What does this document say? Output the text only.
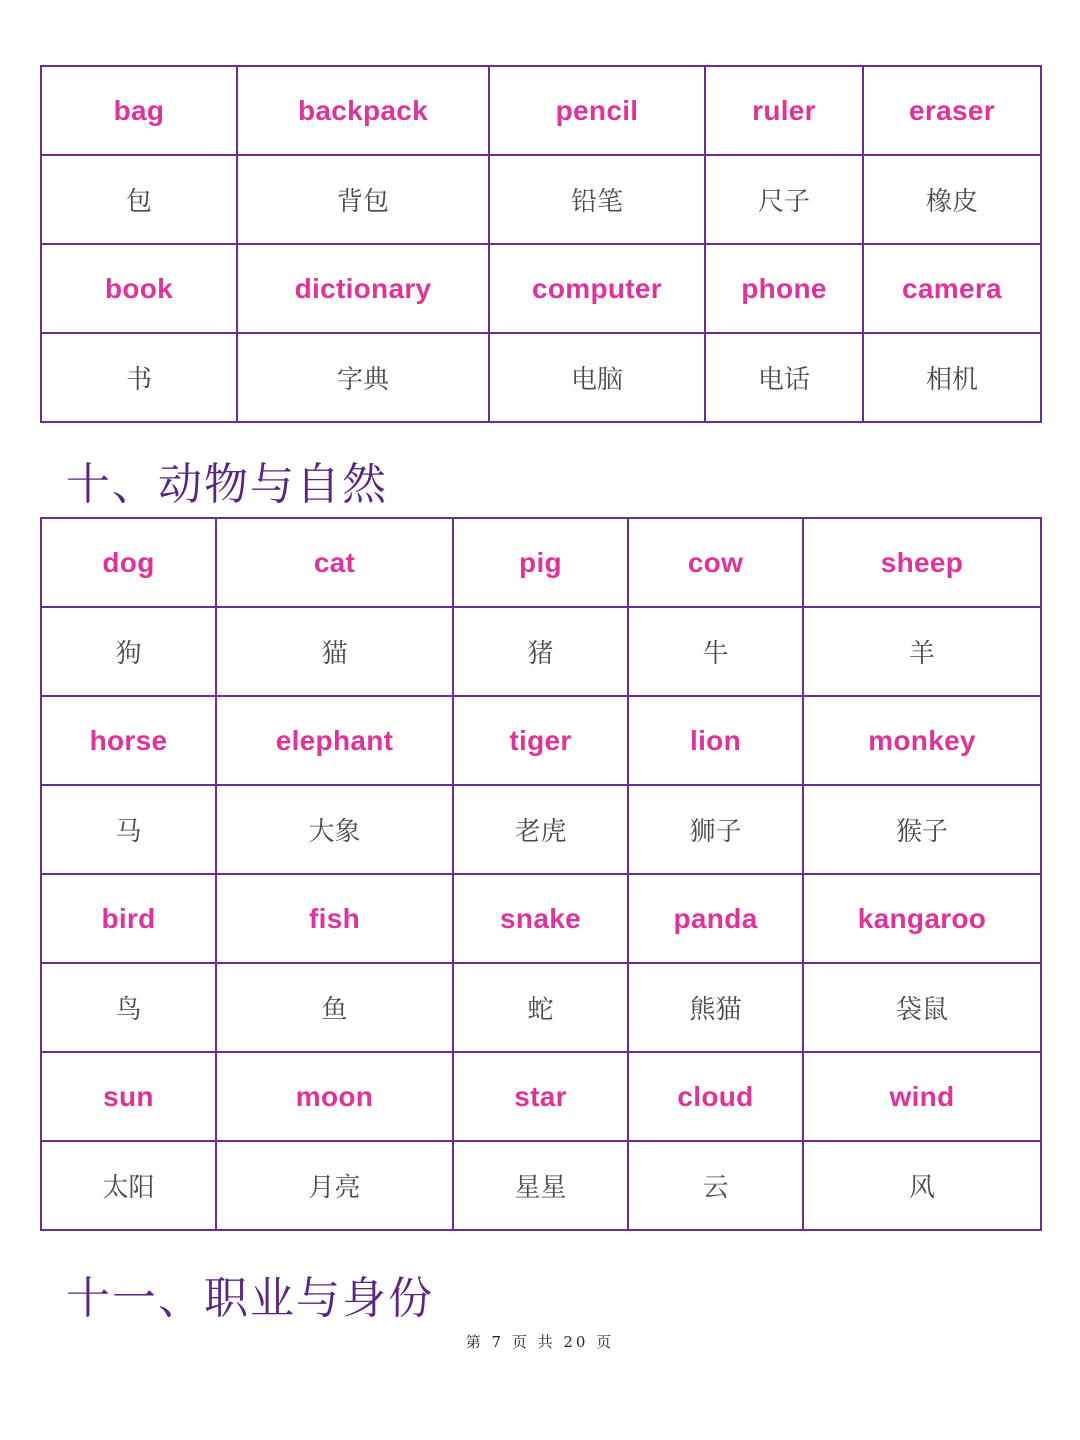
bag	backpack	pencil	ruler	eraser
包	背包	铅笔	尺子	橡皮
book	dictionary	computer	phone	camera
书	字典	电脑	电话	相机
十、动物与自然
dog	cat	pig	cow	sheep
狗	猫	猪	牛	羊
horse	elephant	tiger	lion	monkey
马	大象	老虎	狮子	猴子
bird	fish	snake	panda	kangaroo
鸟	鱼	蛇	熊猫	袋鼠
sun	moon	star	cloud	wind
太阳	月亮	星星	云	风
十一、职业与身份
第 7 页 共 20 页
